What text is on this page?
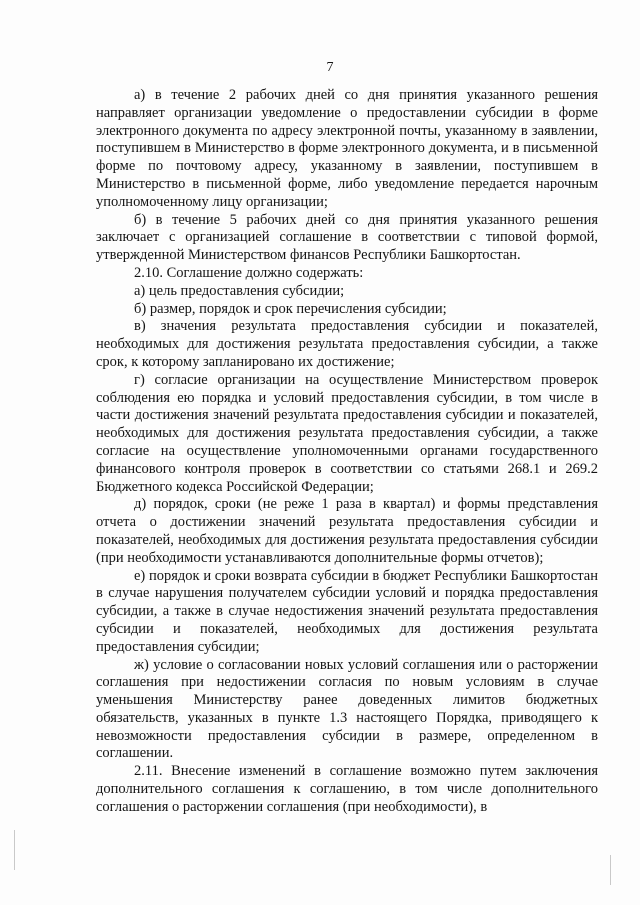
7

а) в течение 2 рабочих дней со дня принятия указанного решения направляет организации уведомление о предоставлении субсидии в форме электронного документа по адресу электронной почты, указанному в заявлении, поступившем в Министерство в форме электронного документа, и в письменной форме по почтовому адресу, указанному в заявлении, поступившем в Министерство в письменной форме, либо уведомление передается нарочным уполномоченному лицу организации;

б) в течение 5 рабочих дней со дня принятия указанного решения заключает с организацией соглашение в соответствии с типовой формой, утвержденной Министерством финансов Республики Башкортостан.

2.10. Соглашение должно содержать:

а) цель предоставления субсидии;

б) размер, порядок и срок перечисления субсидии;

в) значения результата предоставления субсидии и показателей, необходимых для достижения результата предоставления субсидии, а также срок, к которому запланировано их достижение;

г) согласие организации на осуществление Министерством проверок соблюдения ею порядка и условий предоставления субсидии, в том числе в части достижения значений результата предоставления субсидии и показателей, необходимых для достижения результата предоставления субсидии, а также согласие на осуществление уполномоченными органами государственного финансового контроля проверок в соответствии со статьями 268.1 и 269.2 Бюджетного кодекса Российской Федерации;

д) порядок, сроки (не реже 1 раза в квартал) и формы представления отчета о достижении значений результата предоставления субсидии и показателей, необходимых для достижения результата предоставления субсидии (при необходимости устанавливаются дополнительные формы отчетов);

е) порядок и сроки возврата субсидии в бюджет Республики Башкортостан в случае нарушения получателем субсидии условий и порядка предоставления субсидии, а также в случае недостижения значений результата предоставления субсидии и показателей, необходимых для достижения результата предоставления субсидии;

ж) условие о согласовании новых условий соглашения или о расторжении соглашения при недостижении согласия по новым условиям в случае уменьшения Министерству ранее доведенных лимитов бюджетных обязательств, указанных в пункте 1.3 настоящего Порядка, приводящего к невозможности предоставления субсидии в размере, определенном в соглашении.

2.11. Внесение изменений в соглашение возможно путем заключения дополнительного соглашения к соглашению, в том числе дополнительного соглашения о расторжении соглашения (при необходимости), в
